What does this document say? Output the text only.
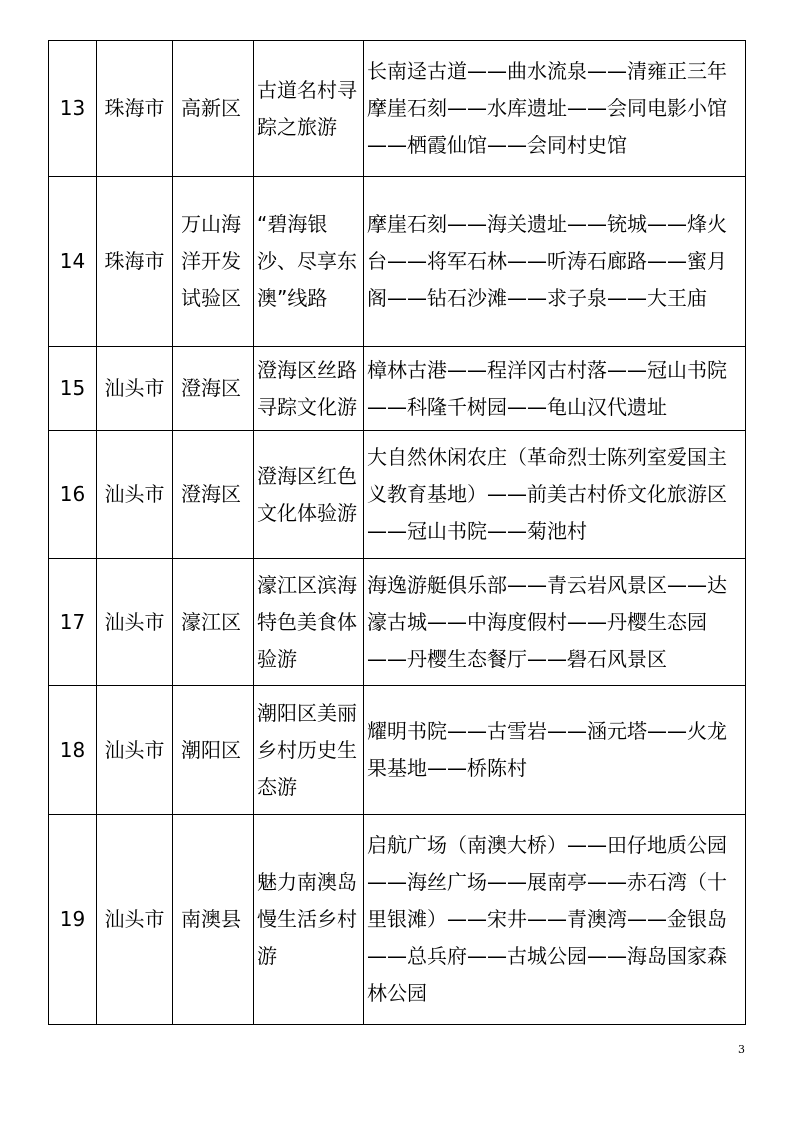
13	珠海市	高新区	古道名村寻踪之旅游	长南迳古道——曲水流泉——清雍正三年摩崖石刻——水库遗址——会同电影小馆——栖霞仙馆——会同村史馆
14	珠海市	万山海洋开发试验区	“碧海银沙、尽享东澳”线路	摩崖石刻——海关遗址——铳城——烽火台——将军石林——听涛石廊路——蜜月阁——钻石沙滩——求子泉——大王庙
15	汕头市	澄海区	澄海区丝路寻踪文化游	樟林古港——程洋冈古村落——冠山书院——科隆千树园——龟山汉代遗址
16	汕头市	澄海区	澄海区红色文化体验游	大自然休闲农庄（革命烈士陈列室爱国主义教育基地）——前美古村侨文化旅游区——冠山书院——菊池村
17	汕头市	濠江区	濠江区滨海特色美食体验游	海逸游艇俱乐部——青云岩风景区——达濠古城——中海度假村——丹樱生态园——丹樱生态餐厅——礐石风景区
18	汕头市	潮阳区	潮阳区美丽乡村历史生态游	耀明书院——古雪岩——涵元塔——火龙果基地——桥陈村
19	汕头市	南澳县	魅力南澳岛慢生活乡村游	启航广场（南澳大桥）——田仔地质公园——海丝广场——展南亭——赤石湾（十里银滩）——宋井——青澳湾——金银岛——总兵府——古城公园——海岛国家森林公园
3
